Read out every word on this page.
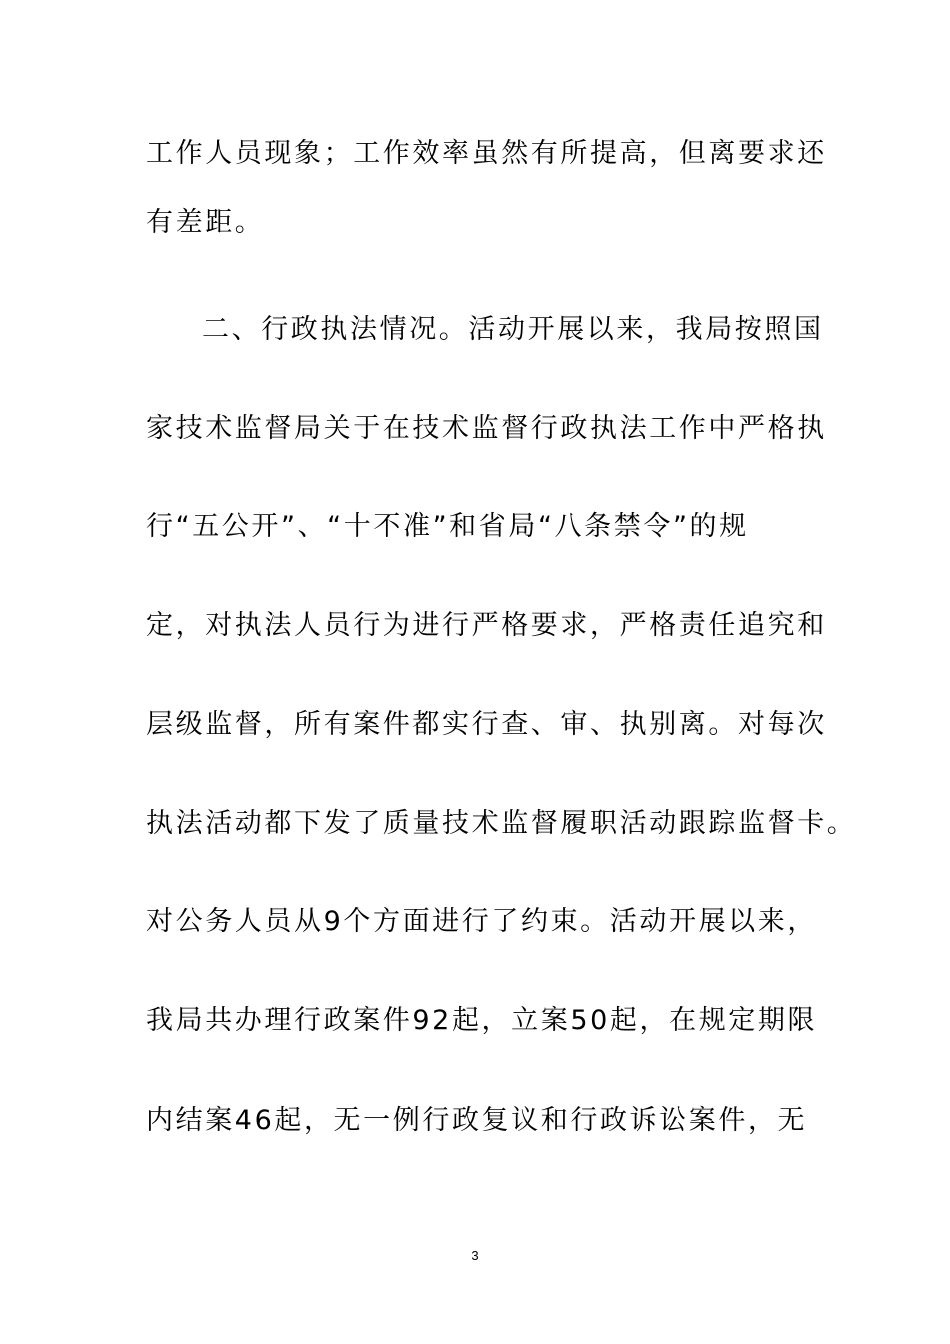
工作人员现象；工作效率虽然有所提高，但离要求还
有差距。
二、行政执法情况。活动开展以来，我局按照国
家技术监督局关于在技术监督行政执法工作中严格执
行“五公开”、“十不准”和省局“八条禁令”的规
定，对执法人员行为进行严格要求，严格责任追究和
层级监督，所有案件都实行查、审、执别离。对每次
执法活动都下发了质量技术监督履职活动跟踪监督卡。
对公务人员从9个方面进行了约束。活动开展以来，
我局共办理行政案件92起，立案50起，在规定期限
内结案46起，无一例行政复议和行政诉讼案件，无
3
